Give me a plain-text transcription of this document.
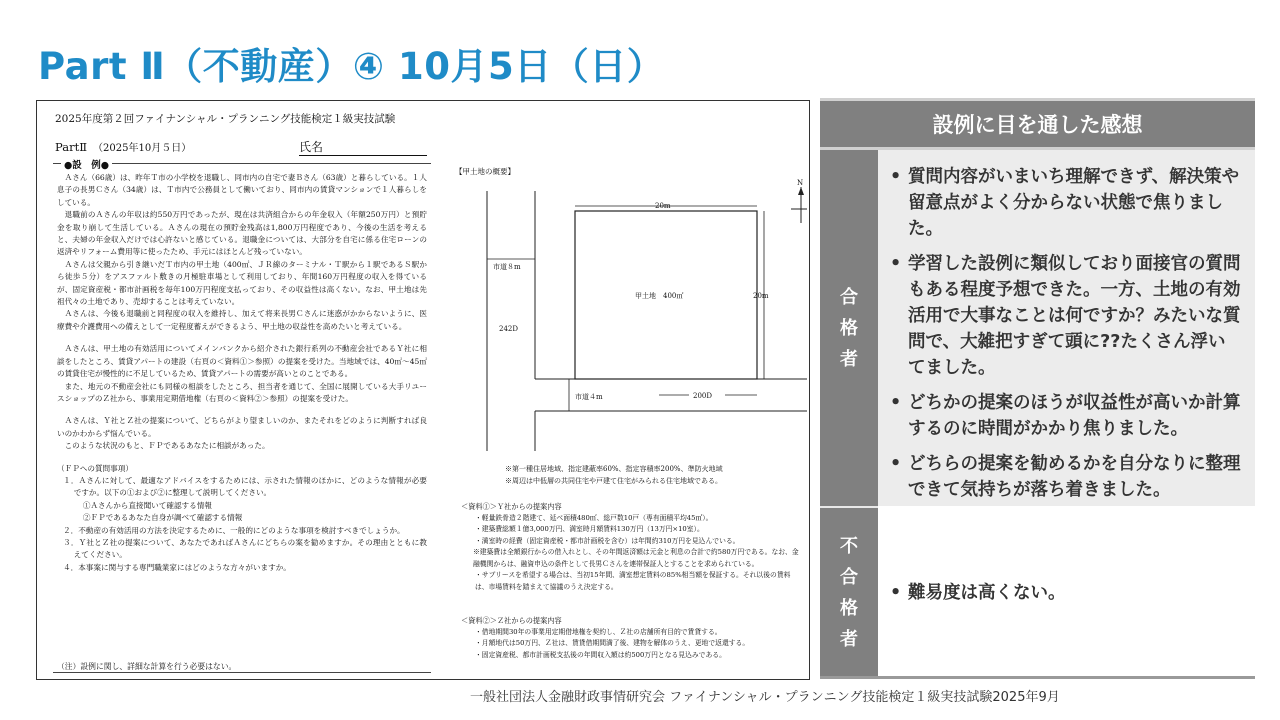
Part Ⅱ（不動産）④ 10月5日（日）
2025年度第２回ファイナンシャル・プランニング技能検定１級実技試験
PartⅡ （2025年10月５日）	氏名
●設　例●

Ａさん（66歳）は、昨年Ｔ市の小学校を退職し、同市内の自宅で妻Ｂさん（63歳）と暮らしている。１人息子の長男Ｃさん（34歳）は、Ｔ市内で公務員として働いており、同市内の賃貸マンションで１人暮らしをしている。

退職前のＡさんの年収は約550万円であったが、現在は共済組合からの年金収入（年額250万円）と預貯金を取り崩して生活している。Ａさんの現在の預貯金残高は1,800万円程度であり、今後の生活を考えると、夫婦の年金収入だけでは心許ないと感じている。退職金については、大部分を自宅に係る住宅ローンの返済やリフォーム費用等に使ったため、手元にはほとんど残っていない。

Ａさんは父親から引き継いだＴ市内の甲土地（400㎡、ＪＲ線のターミナル・Ｔ駅から１駅であるＳ駅から徒歩５分）をアスファルト敷きの月極駐車場として利用しており、年間160万円程度の収入を得ているが、固定資産税・都市計画税を毎年100万円程度支払っており、その収益性は高くない。なお、甲土地は先祖代々の土地であり、売却することは考えていない。

Ａさんは、今後も退職前と同程度の収入を維持し、加えて将来長男Ｃさんに迷惑がかからないように、医療費や介護費用への備えとして一定程度蓄えができるよう、甲土地の収益性を高めたいと考えている。

Ａさんは、甲土地の有効活用についてメインバンクから紹介された銀行系列の不動産会社であるＹ社に相談をしたところ、賃貸アパートの建設（右頁の＜資料①＞参照）の提案を受けた。当地域では、40㎡～45㎡の賃貸住宅が慢性的に不足しているため、賃貸アパートの需要が高いとのことである。

また、地元の不動産会社にも同様の相談をしたところ、担当者を通じて、全国に展開している大手リユースショップのＺ社から、事業用定期借地権（右頁の＜資料②＞参照）の提案を受けた。

Ａさんは、Ｙ社とＺ社の提案について、どちらがより望ましいのか、またそれをどのように判断すれば良いのかわからず悩んでいる。

このような状況のもと、ＦＰであるあなたに相談があった。

（ＦＰへの質問事項）
１．Ａさんに対して、最適なアドバイスをするためには、示された情報のほかに、どのような情報が必要ですか。以下の①および②に整理して説明してください。
①Ａさんから直接聞いて確認する情報
②ＦＰであるあなた自身が調べて確認する情報
２．不動産の有効活用の方法を決定するために、一般的にどのような事項を検討すべきでしょうか。
３．Ｙ社とＺ社の提案について、あなたであればＡさんにどちらの案を勧めますか。その理由とともに教えてください。
４．本事案に関与する専門職業家にはどのような方々がいますか。
（注）設例に関し、詳細な計算を行う必要はない。
【甲土地の概要】
20m
20m
甲土地　400㎡
市道８m
242D
市道４m	200D
N
※第一種住居地域、指定建蔽率60%、指定容積率200%、準防火地域
※周辺は中低層の共同住宅や戸建て住宅がみられる住宅地域である。
＜資料①＞Ｙ社からの提案内容
・軽量鉄骨造２階建て、延べ面積480㎡、総戸数10戸（専有面積平均45㎡）。
・建築費総額１億3,000万円、満室時月額賃料130万円（13万円×10室）。
・満室時の経費（固定資産税・都市計画税を含む）は年間約310万円を見込んでいる。
※建築費は全額銀行からの借入れとし、その年間返済額は元金と利息の合計で約580万円である。なお、金融機関からは、融資申込の条件として長男Ｃさんを連帯保証人とすることを求められている。
・サブリースを希望する場合は、当初15年間、満室想定賃料の85%相当額を保証する。それ以後の賃料は、市場賃料を踏まえて協議のうえ決定する。
＜資料②＞Ｚ社からの提案内容
・借地期間30年の事業用定期借地権を契約し、Ｚ社の店舗所有目的で賃貸する。
・月額地代は50万円、Ｚ社は、賃貸借期間満了後、建物を解体のうえ、更地で返還する。
・固定資産税、都市計画税支払後の年間収入額は約500万円となる見込みである。
設例に目を通した感想
合
格
者
• 質問内容がいまいち理解できず、解決策や留意点がよく分からない状態で焦りました。
• 学習した設例に類似しており面接官の質問もある程度予想できた。一方、土地の有効活用で大事なことは何ですか？みたいな質問で、大雑把すぎて頭に??たくさん浮いてました。
• どちかの提案のほうが収益性が高いか計算するのに時間がかかり焦りました。
• どちらの提案を勧めるかを自分なりに整理できて気持ちが落ち着きました。
不
合
格
者
• 難易度は高くない。
一般社団法人金融財政事情研究会 ファイナンシャル・プランニング技能検定１級実技試験2025年9月
